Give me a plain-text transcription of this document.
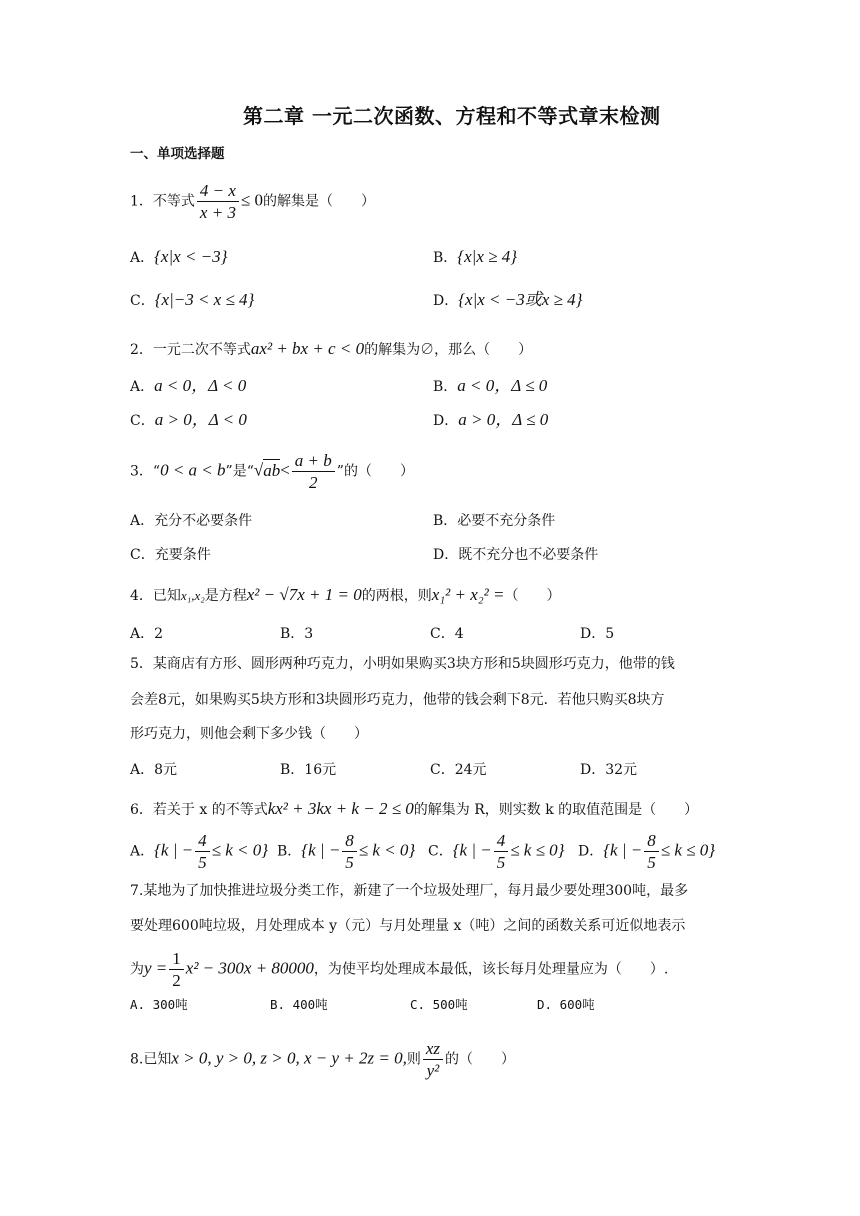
第二章 一元二次函数、方程和不等式章末检测
一、单项选择题
1．不等式 $\frac{4 - x}{x + 3} \le 0$的解集是（　　）
A．{x|x < −3}	B．{x|x ≥ 4}
C．{x|−3 < x ≤ 4}	D．{x|x < −3或x ≥ 4}
2．一元二次不等式ax² + bx + c < 0的解集为∅，那么（　　）
A．a < 0，Δ < 0	B．a < 0，Δ ≤ 0
C．a > 0，Δ < 0	D．a > 0，Δ ≤ 0
3．“0 < a < b”是“$√ab< \frac{a + b}{2}$ ”的（　　）
A．充分不必要条件	B．必要不充分条件
C．充要条件	D．既不充分也不必要条件
4．已知x₁,x₂是方程x² − √7x + 1 = 0的两根，则x₁² + x₂² =（　　）
A．2	B．3	C．4	D．5
5．某商店有方形、圆形两种巧克力，小明如果购买3块方形和5块圆形巧克力，他带的钱
会差8元，如果购买5块方形和3块圆形巧克力，他带的钱会剩下8元．若他只购买8块方
形巧克力，则他会剩下多少钱（　　）
A．8元	B．16元	C．24元	D．32元
6．若关于 x 的不等式kx² + 3kx + k − 2 ≤ 0的解集为 R，则实数 k 的取值范围是（　　）
A．{k | − $\frac{4}{5} \le k < 0$} B．{k | − $\frac{8}{5} \le k < 0$} C．{k | − $\frac{4}{5} \le k \le 0$} D．{k | − $\frac{8}{5} \le k \le 0$}
7.某地为了加快推进垃圾分类工作，新建了一个垃圾处理厂，每月最少要处理300吨，最多
要处理600吨垃圾，月处理成本 y（元）与月处理量 x（吨）之间的函数关系可近似地表示
为$y = \frac{1}{2} x^2 - 300x + 80000$，为使平均处理成本最低，该长每月处理量应为（　　）.
A. 300吨	B. 400吨	C. 500吨	D. 600吨
8.已知x > 0, y > 0, z > 0, x − y + 2z = 0,则 $\frac{xz}{\text{y²}}$ 的（　　）
